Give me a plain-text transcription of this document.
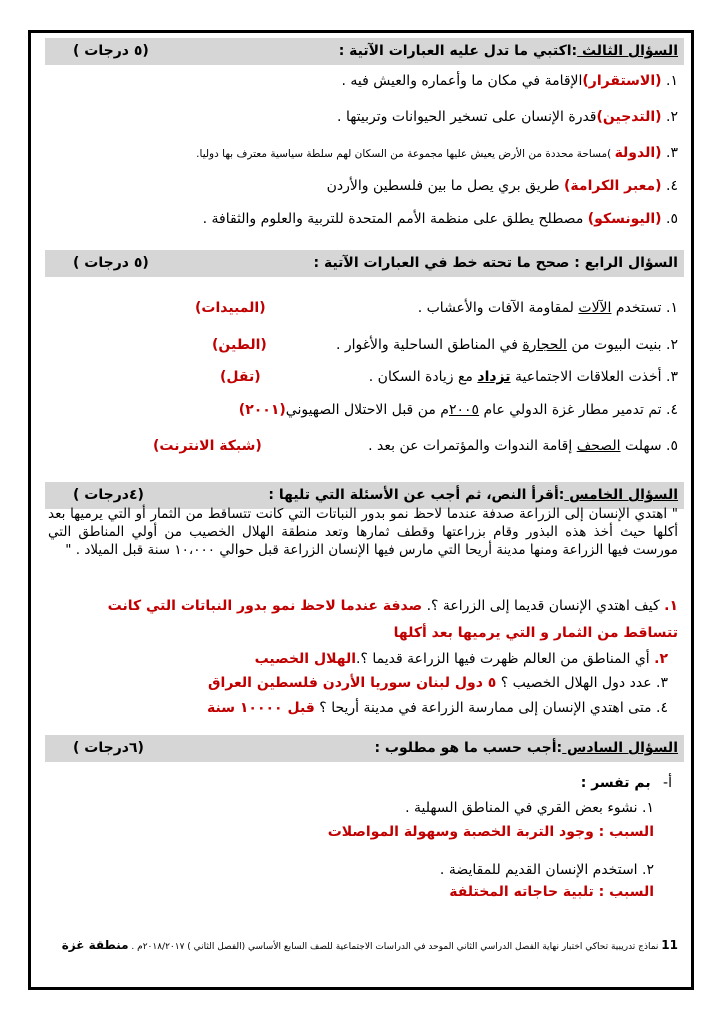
السؤال الثالث :اكتبي ما تدل عليه العبارات الآتية :
(٥ درجات )
١. (الاستقرار)الإقامة في مكان ما وأعماره والعيش فيه .
٢. (التدجين)قدرة الإنسان على تسخير الحيوانات وتربيتها .
٣. (الدولة )مساحة محددة من الأرض يعيش عليها مجموعة من السكان لهم سلطة سياسية معترف بها دوليا.
٤. (معبر الكرامة) طريق بري يصل ما بين فلسطين والأردن
٥. (اليونسكو) مصطلح يطلق على منظمة الأمم المتحدة للتربية والعلوم والثقافة .
السؤال الرابع : صحح ما تحته خط في العبارات الآتية :
(٥ درجات )
١. تستخدم الآلات لمقاومة الآفات والأعشاب .
(المبيدات)
٢. بنيت البيوت من الحجارة في المناطق الساحلية والأغوار .
(الطين)
٣. أخذت العلاقات الاجتماعية تزداد مع زيادة السكان .
(تقل)
٤. تم تدمير مطار غزة الدولي عام ٢٠٠٥م من قبل الاحتلال الصهيوني(٢٠٠١)
٥. سهلت الصحف إقامة الندوات والمؤتمرات عن بعد .
(شبكة الانترنت)
السؤال الخامس :أقرأ النص، ثم أجب عن الأسئلة التي تليها :
(٤درجات )
" اهتدي الإنسان إلى الزراعة صدفة عندما لاحظ نمو بدور النباتات التي كانت تتساقط من الثمار أو التي يرميها بعد أكلها حيث أخذ هذه البذور وقام بزراعتها وقطف ثمارها وتعد منطقة الهلال الخصيب من أولي المناطق التي مورست فيها الزراعة ومنها مدينة أريحا التي مارس فيها الإنسان الزراعة قبل حوالي ١٠،٠٠٠ سنة قبل الميلاد . "
١. كيف اهتدي الإنسان قديما إلى الزراعة ؟. صدفة عندما لاحظ نمو بدور النباتات التي كانت
تتساقط من الثمار و التي يرميها بعد أكلها
٢. أي المناطق من العالم ظهرت فيها الزراعة قديما ؟.الهلال الخصيب
٣. عدد دول الهلال الخصيب ؟ ٥ دول لبنان سوريا الأردن فلسطين العراق
٤. متى اهتدي الإنسان إلى ممارسة الزراعة في مدينة أريحا ؟ قبل ١٠٠٠٠ سنة
السؤال السادس :أجب حسب ما هو مطلوب :
(٦درجات )
أ- بم تفسر :
١. نشوء بعض القري في المناطق السهلية .
السبب : وجود التربة الخصبة وسهولة المواصلات
٢. استخدم الإنسان القديم للمقايضة .
السبب : تلبية حاجاته المختلفة
11 نماذج تدريبية تحاكي اختبار نهاية الفصل الدراسي الثاني الموحد في الدراسات الاجتماعية للصف السابع الأساسي (الفصل الثاني ) ٢٠١٨/٢٠١٧م . منطقة غزة
